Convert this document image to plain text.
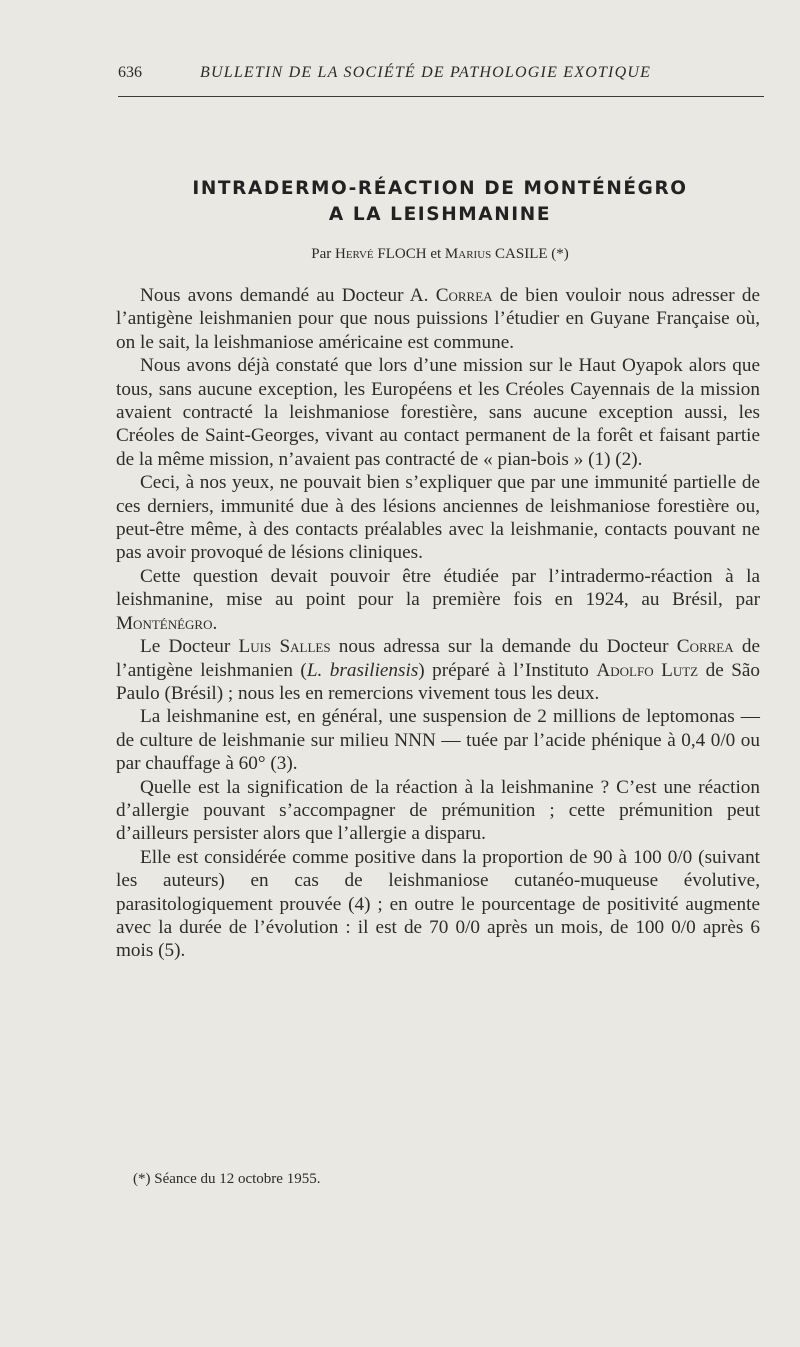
636	BULLETIN DE LA SOCIÉTÉ DE PATHOLOGIE EXOTIQUE
INTRADERMO-RÉACTION DE MONTÉNÉGRO
A LA LEISHMANINE
Par Hervé FLOCH et Marius CASILE (*)

Nous avons demandé au Docteur A. Correa de bien vouloir nous adresser de l’antigène leishmanien pour que nous puissions l’étudier en Guyane Française où, on le sait, la leishmaniose américaine est commune.

Nous avons déjà constaté que lors d’une mission sur le Haut Oyapok alors que tous, sans aucune exception, les Européens et les Créoles Cayennais de la mission avaient contracté la leishmaniose forestière, sans aucune exception aussi, les Créoles de Saint-Georges, vivant au contact permanent de la forêt et faisant partie de la même mission, n’avaient pas contracté de « pian-bois » (1) (2).

Ceci, à nos yeux, ne pouvait bien s’expliquer que par une immunité partielle de ces derniers, immunité due à des lésions anciennes de leishmaniose forestière ou, peut-être même, à des contacts préalables avec la leishmanie, contacts pouvant ne pas avoir provoqué de lésions cliniques.

Cette question devait pouvoir être étudiée par l’intradermo-réaction à la leishmanine, mise au point pour la première fois en 1924, au Brésil, par Monténégro.

Le Docteur Luis Salles nous adressa sur la demande du Docteur Correa de l’antigène leishmanien (L. brasiliensis) préparé à l’Instituto Adolfo Lutz de São Paulo (Brésil) ; nous les en remercions vivement tous les deux.

La leishmanine est, en général, une suspension de 2 millions de leptomonas — de culture de leishmanie sur milieu NNN — tuée par l’acide phénique à 0,4 0/0 ou par chauffage à 60° (3).

Quelle est la signification de la réaction à la leishmanine ? C’est une réaction d’allergie pouvant s’accompagner de prémunition ; cette prémunition peut d’ailleurs persister alors que l’allergie a disparu.

Elle est considérée comme positive dans la proportion de 90 à 100 0/0 (suivant les auteurs) en cas de leishmaniose cutanéo-muqueuse évolutive, parasitologiquement prouvée (4) ; en outre le pourcentage de positivité augmente avec la durée de l’évolution : il est de 70 0/0 après un mois, de 100 0/0 après 6 mois (5).

(*) Séance du 12 octobre 1955.
